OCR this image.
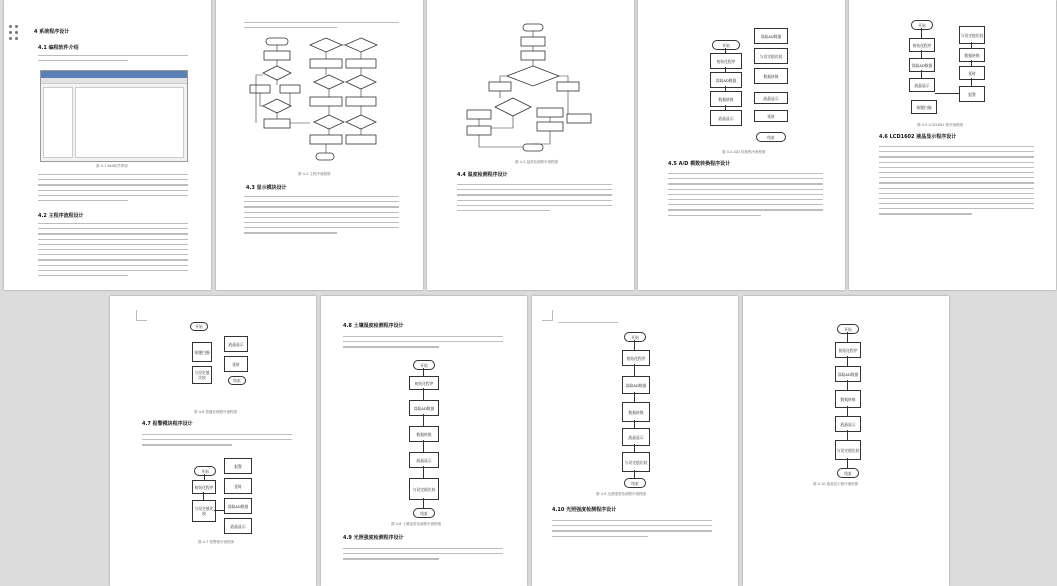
4 系统程序设计
4.1 编程软件介绍
图 4-1 Keil软件界面
4.2 主程序流程设计
图 4-2 主程序流程图
4.3 显示模块设计
图 4-3 温度检测程序流程图
4.4 温度检测程序设计
开始
初始化程序
读取AD数据
数据转换
液晶显示
读取AD数据
与设定值比较
数据转换
液晶显示
延时
结束
图 4-4 A/D 转换程序流程图
4.5 A/D 模数转换程序设计
开始
初始化程序
读取AD数据
液晶显示
与设定值比较
数据转换
延时
报警
按键扫描
图 4-5 LCD1602 程序流程图
4.6 LCD1602 液晶显示程序设计
开始
按键扫描
与设定值比较
液晶显示
延时
结束
图 4-6 按键处理程序流程图
4.7 报警模块程序设计
开始
初始化程序
与设定值比较
报警
延时
读取AD数据
液晶显示
图 4-7 报警程序流程图
4.8 土壤湿度检测程序设计
开始
初始化程序
读取AD数据
数据转换
液晶显示
与设定值比较
结束
图 4-8 土壤湿度检测程序流程图
4.9 光照强度检测程序设计
开始
初始化程序
读取AD数据
数据转换
液晶显示
与设定值比较
结束
图 4-9 光照强度检测程序流程图
4.10 光照强度检测程序设计
开始
初始化程序
读取AD数据
数据转换
液晶显示
与设定值比较
结束
图 4-10 液晶显示程序流程图
